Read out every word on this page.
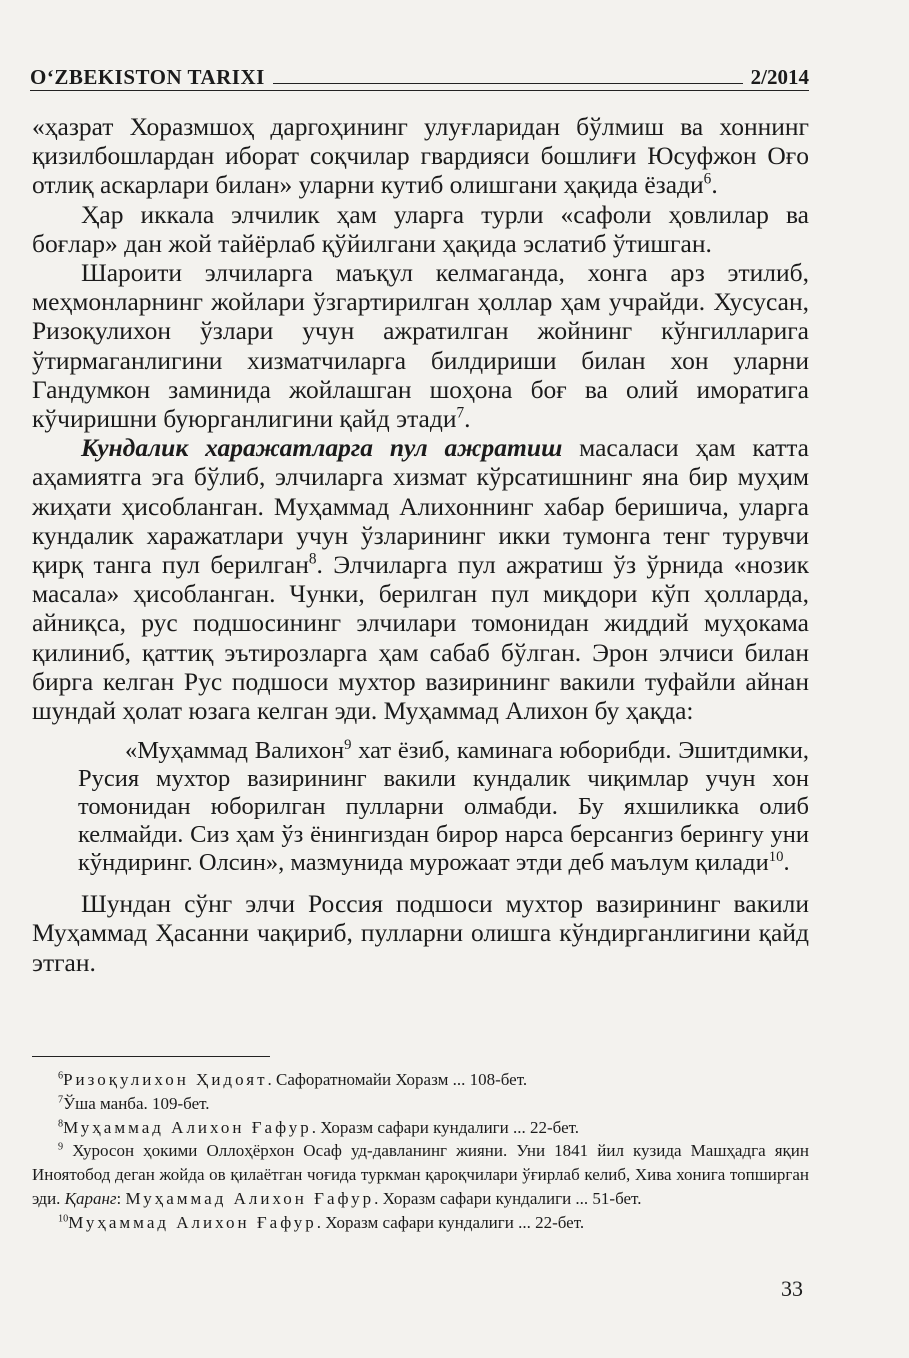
O‘ZBEKISTON TARIXI	2/2014

«ҳазрат Хоразмшоҳ даргоҳининг улуғларидан бўлмиш ва хоннинг қизилбошлардан иборат соқчилар гвардияси бошлиғи Юсуфжон Оғо отлиқ аскарлари билан» уларни кутиб олишгани ҳақида ёзади$^6$.

Ҳар иккала элчилик ҳам уларга турли «сафоли ҳовлилар ва боғлар» дан жой тайёрлаб қўйилгани ҳақида эслатиб ўтишган.

Шароити элчиларга маъқул келмаганда, хонга арз этилиб, меҳмонларнинг жойлари ўзгартирилган ҳоллар ҳам учрайди. Хусусан, Ризоқулихон ўзлари учун ажратилган жойнинг кўнгилларига ўтирмаганлигини хизматчиларга билдириши билан хон уларни Гандумкон заминида жойлашган шоҳона боғ ва олий иморатига кўчиришни буюрганлигини қайд этади$^7$.

Кундалик харажатларга пул ажратиш масаласи ҳам катта аҳамиятга эга бўлиб, элчиларга хизмат кўрсатишнинг яна бир муҳим жиҳати ҳисобланган. Муҳаммад Алихоннинг хабар беришича, уларга кундалик харажатлари учун ўзларининг икки тумонга тенг турувчи қирқ танга пул берилган$^8$. Элчиларга пул ажратиш ўз ўрнида «нозик масала» ҳисобланган. Чунки, берилган пул миқдори кўп ҳолларда, айниқса, рус подшосининг элчилари томонидан жиддий муҳокама қилиниб, қаттиқ эътирозларга ҳам сабаб бўлган. Эрон элчиси билан бирга келган Рус подшоси мухтор вазирининг вакили туфайли айнан шундай ҳолат юзага келган эди. Муҳаммад Алихон бу ҳақда:

«Муҳаммад Валихон$^9$ хат ёзиб, каминага юборибди. Эшитдимки, Русия мухтор вазирининг вакили кундалик чиқимлар учун хон томонидан юборилган пулларни олмабди. Бу яхшиликка олиб келмайди. Сиз ҳам ўз ёнингиздан бирор нарса берсангиз берингу уни кўндиринг. Олсин», мазмунида мурожаат этди деб маълум қилади$^{10}$.

Шундан сўнг элчи Россия подшоси мухтор вазирининг вакили Муҳаммад Ҳасанни чақириб, пулларни олишга кўндирганлигини қайд этган.

$^6$Ризоқулихон Ҳидоят. Сафоратномайи Хоразм ... 108-бет.

$^7$Ўша манба. 109-бет.

$^8$Муҳаммад Алихон Ғафур. Хоразм сафари кундалиги ... 22-бет.

$^9$ Хуросон ҳокими Оллоҳёрхон Осаф уд-давланинг жияни. Уни 1841 йил кузида Машҳадга яқин Иноятобод деган жойда ов қилаётган чоғида туркман қароқчилари ўғирлаб келиб, Хива хонига топширган эди. Қаранг: Муҳаммад Алихон Ғафур. Хоразм сафари кундалиги ... 51-бет.

$^{10}$Муҳаммад Алихон Ғафур. Хоразм сафари кундалиги ... 22-бет.

33
